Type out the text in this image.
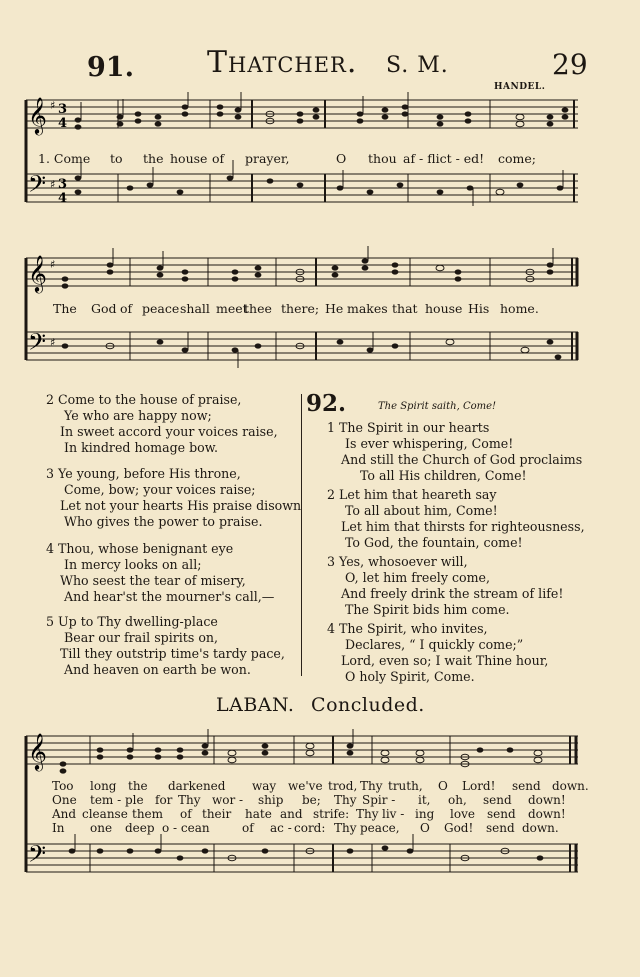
91. Thatcher. S. M.	29
HANDEL.
𝄞 ♯ 3
4
𝄢 ♯ 3
4
1. Come to the house of prayer,	O thou af - flict - ed! come;
𝄞 ♯
𝄢 ♯
The God of peace shall meet
thee there; He makes that house His home.
2 Come to the house of praise,
Ye who are happy now;
In sweet accord your voices raise,
In kindred homage bow.
3 Ye young, before His throne,
Come, bow; your voices raise;
Let not your hearts His praise disown
Who gives the power to praise.
4 Thou, whose benignant eye
In mercy looks on all;
Who seest the tear of misery,
And hear'st the mourner's call,—
5 Up to Thy dwelling-place
Bear our frail spirits on,
Till they outstrip time's tardy pace,
And heaven on earth be won.
92.	The Spirit saith, Come!
1 The Spirit in our hearts
Is ever whispering, Come!
And still the Church of God proclaims
To all His children, Come!
2 Let him that heareth say
To all about him, Come!
Let him that thirsts for righteousness,
To God, the fountain, come!
3 Yes, whosoever will,
O, let him freely come,
And freely drink the stream of life!
The Spirit bids him come.
4 The Spirit, who invites,
Declares, “ I quickly come;”
Lord, even so; I wait Thine hour,
O holy Spirit, Come.
LABAN. Concluded.
𝄞
𝄢
Too long the darkened way we've trod, Thy truth, O Lord! send down.
One tem - ple for Thy wor - ship be; Thy Spir - it, oh, send down!
And cleanse them of their hate and strife: Thy liv - ing love send down!
In one deep o - cean	of ac - cord: Thy peace, O God! send down.
